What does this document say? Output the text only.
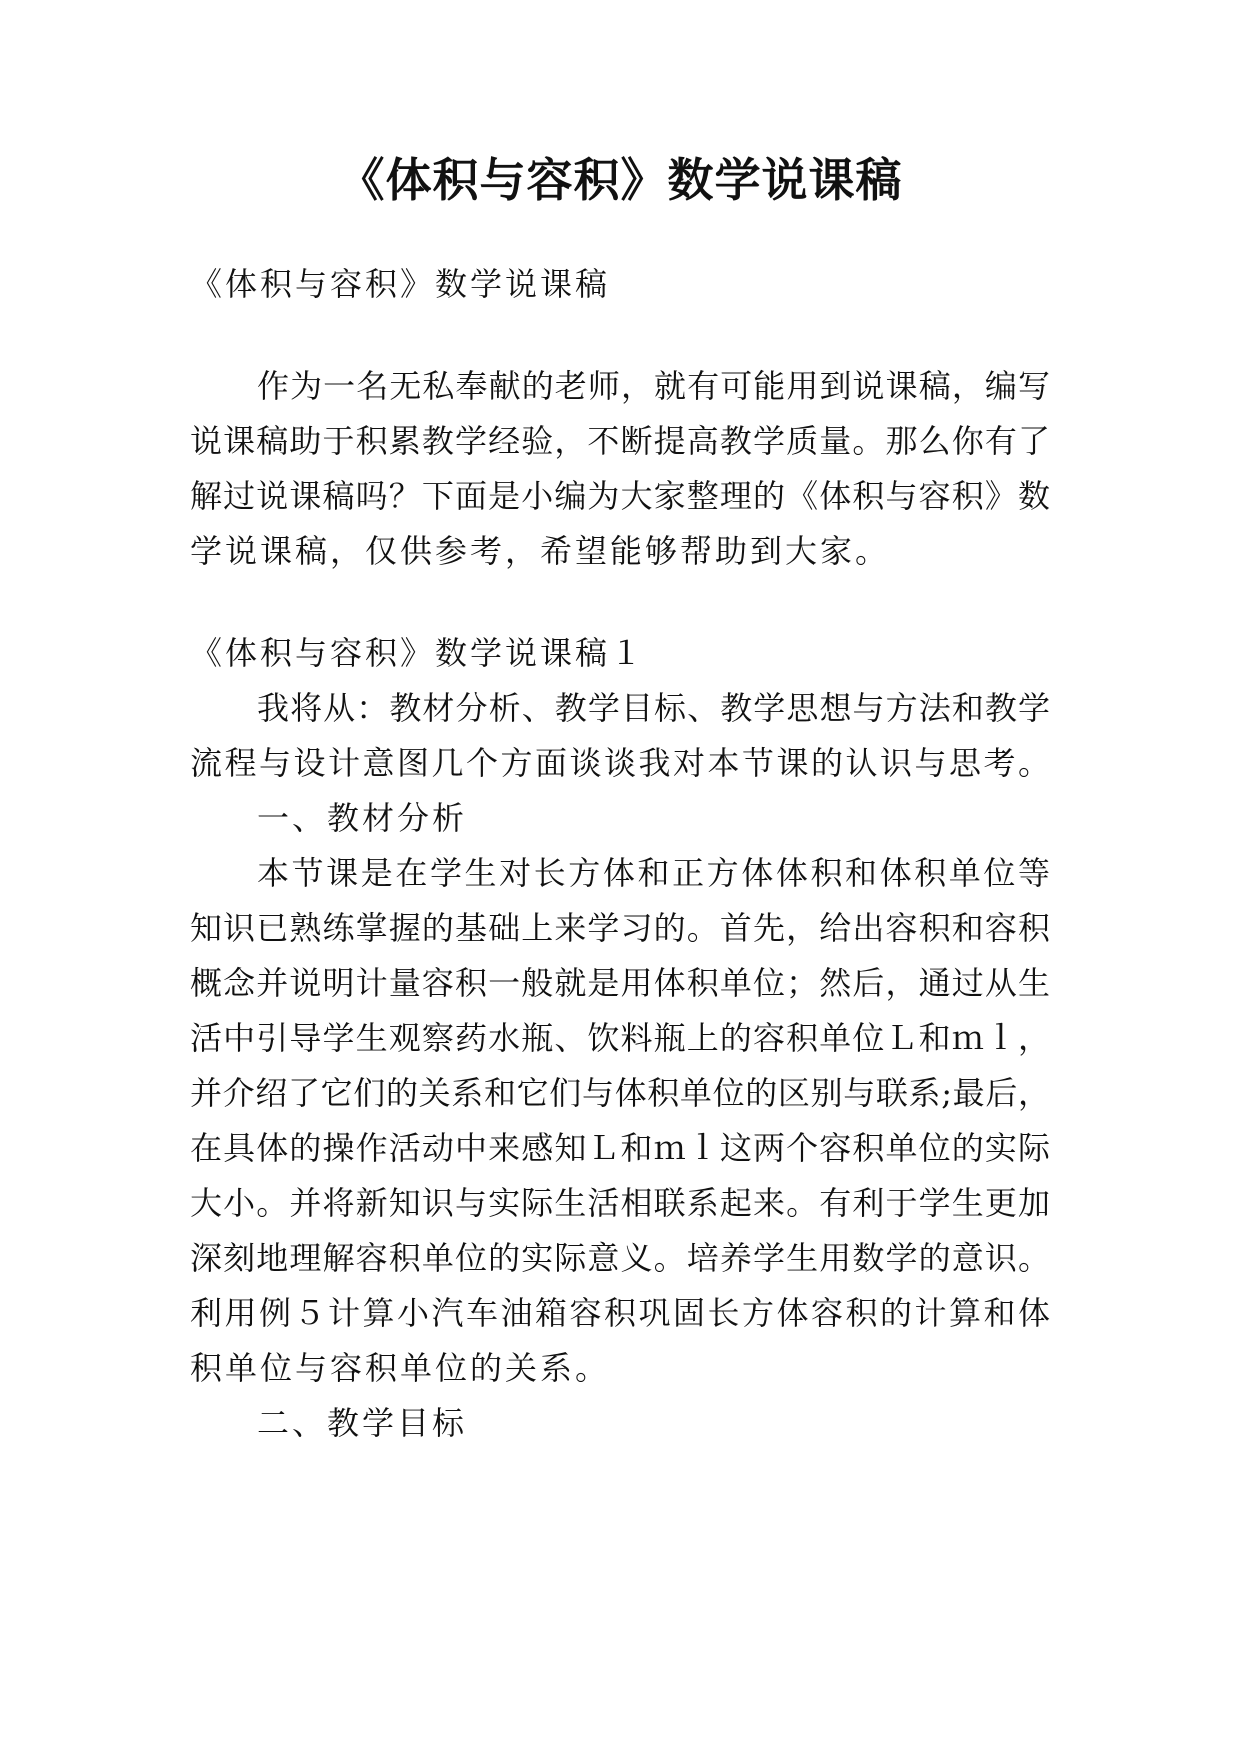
《体积与容积》数学说课稿
《体积与容积》数学说课稿
作为一名无私奉献的老师，就有可能用到说课稿，编写
说课稿助于积累教学经验，不断提高教学质量。那么你有了
解过说课稿吗？下面是小编为大家整理的《体积与容积》数
学说课稿，仅供参考，希望能够帮助到大家。
《体积与容积》数学说课稿１
我将从：教材分析、教学目标、教学思想与方法和教学
流程与设计意图几个方面谈谈我对本节课的认识与思考。
一、教材分析
本节课是在学生对长方体和正方体体积和体积单位等
知识已熟练掌握的基础上来学习的。首先，给出容积和容积
概念并说明计量容积一般就是用体积单位；然后，通过从生
活中引导学生观察药水瓶、饮料瓶上的容积单位Ｌ和ｍｌ，
并介绍了它们的关系和它们与体积单位的区别与联系;最后，
在具体的操作活动中来感知Ｌ和ｍｌ这两个容积单位的实际
大小。并将新知识与实际生活相联系起来。有利于学生更加
深刻地理解容积单位的实际意义。培养学生用数学的意识。
利用例５计算小汽车油箱容积巩固长方体容积的计算和体
积单位与容积单位的关系。
二、教学目标
